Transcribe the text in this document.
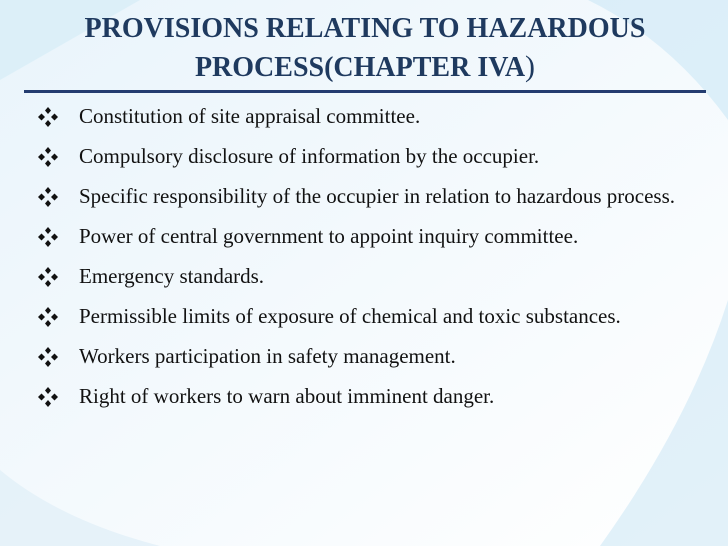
PROVISIONS RELATING TO HAZARDOUS
PROCESS(CHAPTER IVA)
Constitution of site appraisal committee.
Compulsory disclosure of information by the occupier.
Specific responsibility of the occupier in relation to hazardous process.
Power of central government to appoint inquiry committee.
Emergency standards.
Permissible limits of exposure of chemical and toxic substances.
Workers participation in safety management.
Right of workers to warn about imminent danger.
